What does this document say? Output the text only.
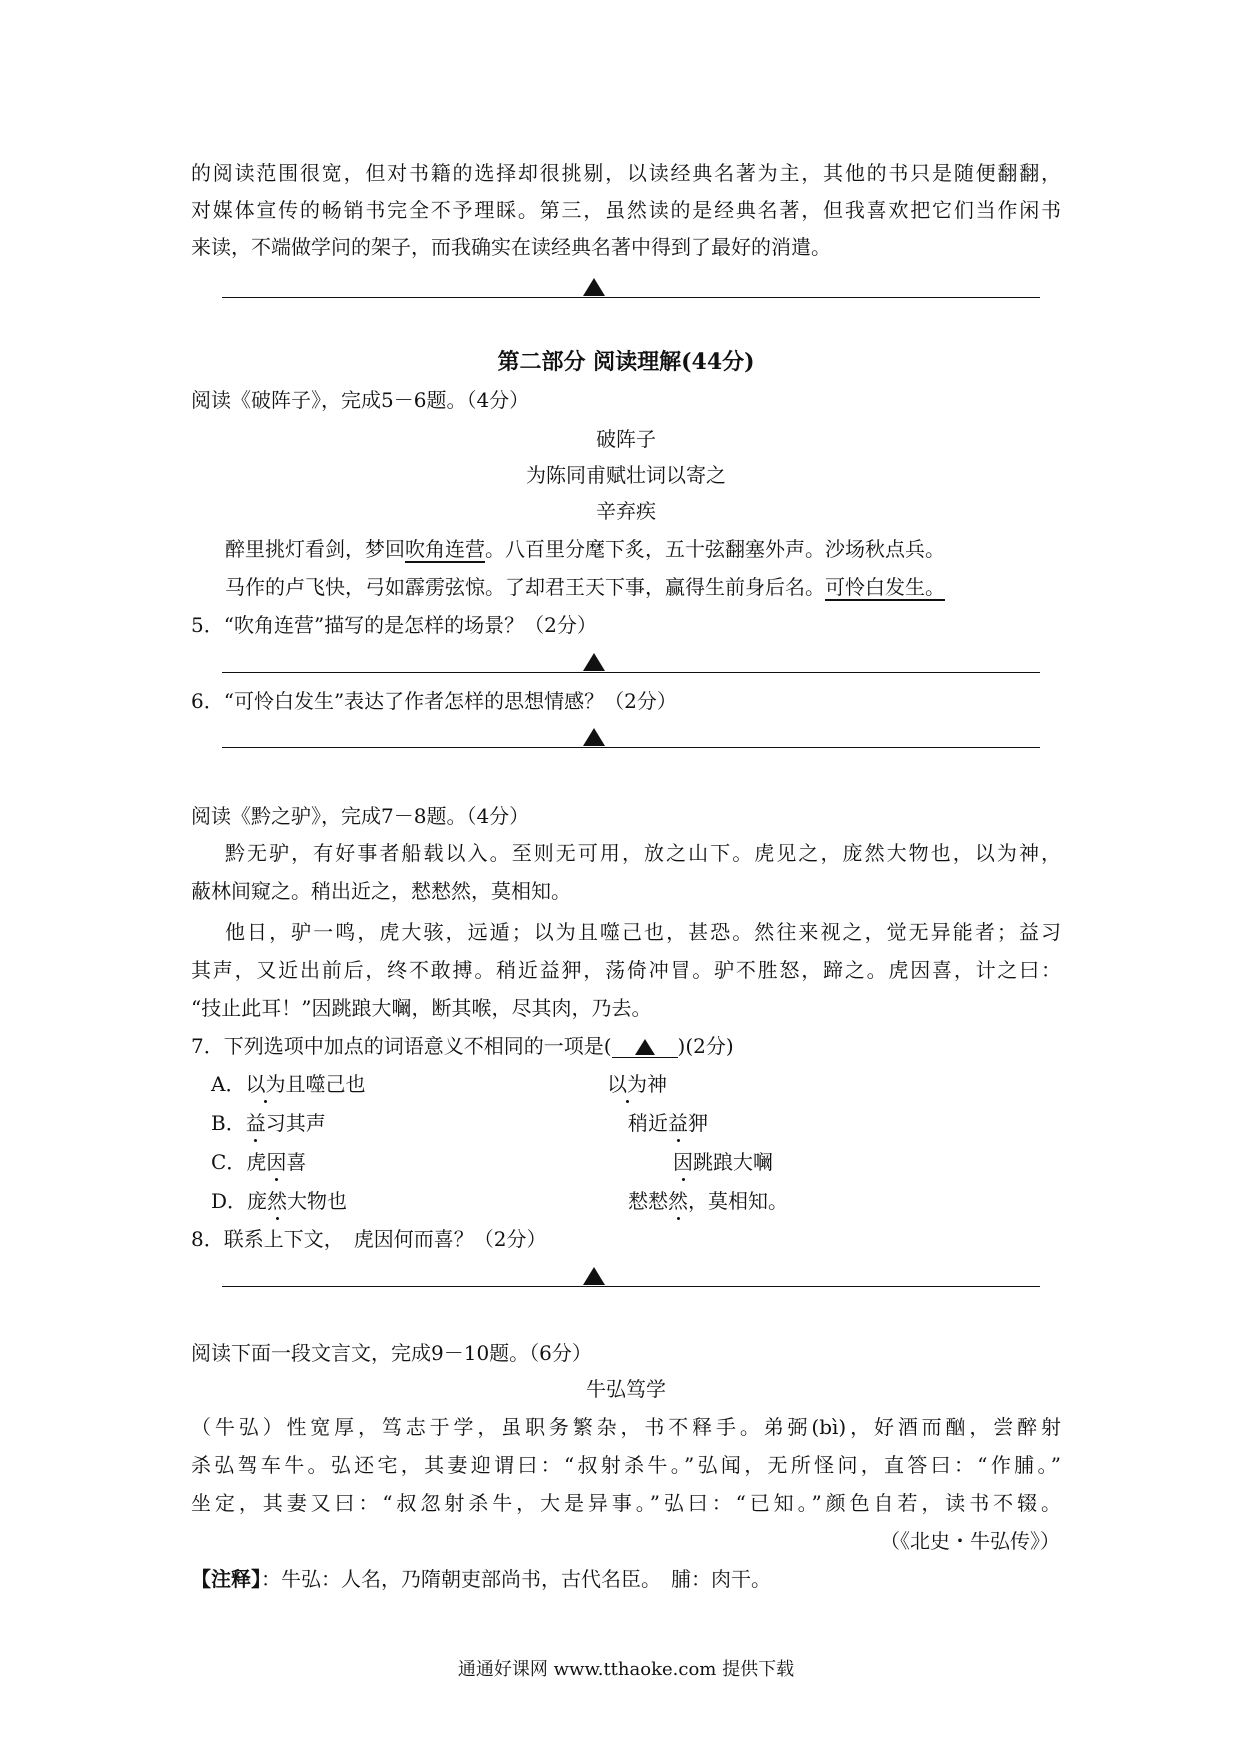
的阅读范围很宽，但对书籍的选择却很挑剔，以读经典名著为主，其他的书只是随便翻翻，
对媒体宣传的畅销书完全不予理睬。第三，虽然读的是经典名著，但我喜欢把它们当作闲书
来读，不端做学问的架子，而我确实在读经典名著中得到了最好的消遣。
第二部分 阅读理解(44分)
阅读《破阵子》，完成5－6题。（4分）
破阵子
为陈同甫赋壮词以寄之
辛弃疾
醉里挑灯看剑，梦回吹角连营。八百里分麾下炙，五十弦翻塞外声。沙场秋点兵。
马作的卢飞快，弓如霹雳弦惊。了却君王天下事，赢得生前身后名。可怜白发生。
5．“吹角连营”描写的是怎样的场景？（2分）
6．“可怜白发生”表达了作者怎样的思想情感？（2分）
阅读《黔之驴》，完成7－8题。（4分）
黔无驴，有好事者船载以入。至则无可用，放之山下。虎见之，庞然大物也，以为神，
蔽林间窥之。稍出近之，慭慭然，莫相知。
他日，驴一鸣，虎大骇，远遁；以为且噬己也，甚恐。然往来视之，觉无异能者；益习
其声，又近出前后，终不敢搏。稍近益狎，荡倚冲冒。驴不胜怒，蹄之。虎因喜，计之曰：
“技止此耳！”因跳踉大㘎，断其喉，尽其肉，乃去。
7．下列选项中加点的词语意义不相同的一项是(	)(2分)
A．以为且噬己也	以为神
B．益习其声	稍近益狎
C．虎因喜	因跳踉大㘎
D．庞然大物也	慭慭然，莫相知。
8．联系上下文，　虎因何而喜？（2分）
阅读下面一段文言文，完成9－10题。（6分）
牛弘笃学
（牛弘）性宽厚，笃志于学，虽职务繁杂，书不释手。弟弼(bì)，好酒而酗，尝醉射
杀弘驾车牛。弘还宅，其妻迎谓曰：“叔射杀牛。”弘闻，无所怪问，直答曰：“作脯。”
坐定，其妻又曰：“叔忽射杀牛，大是异事。”弘曰：“已知。”颜色自若，读书不辍。
（《北史・牛弘传》）
【注释】：牛弘：人名，乃隋朝吏部尚书，古代名臣。　脯：肉干。
通通好课网 www.tthaoke.com 提供下载
